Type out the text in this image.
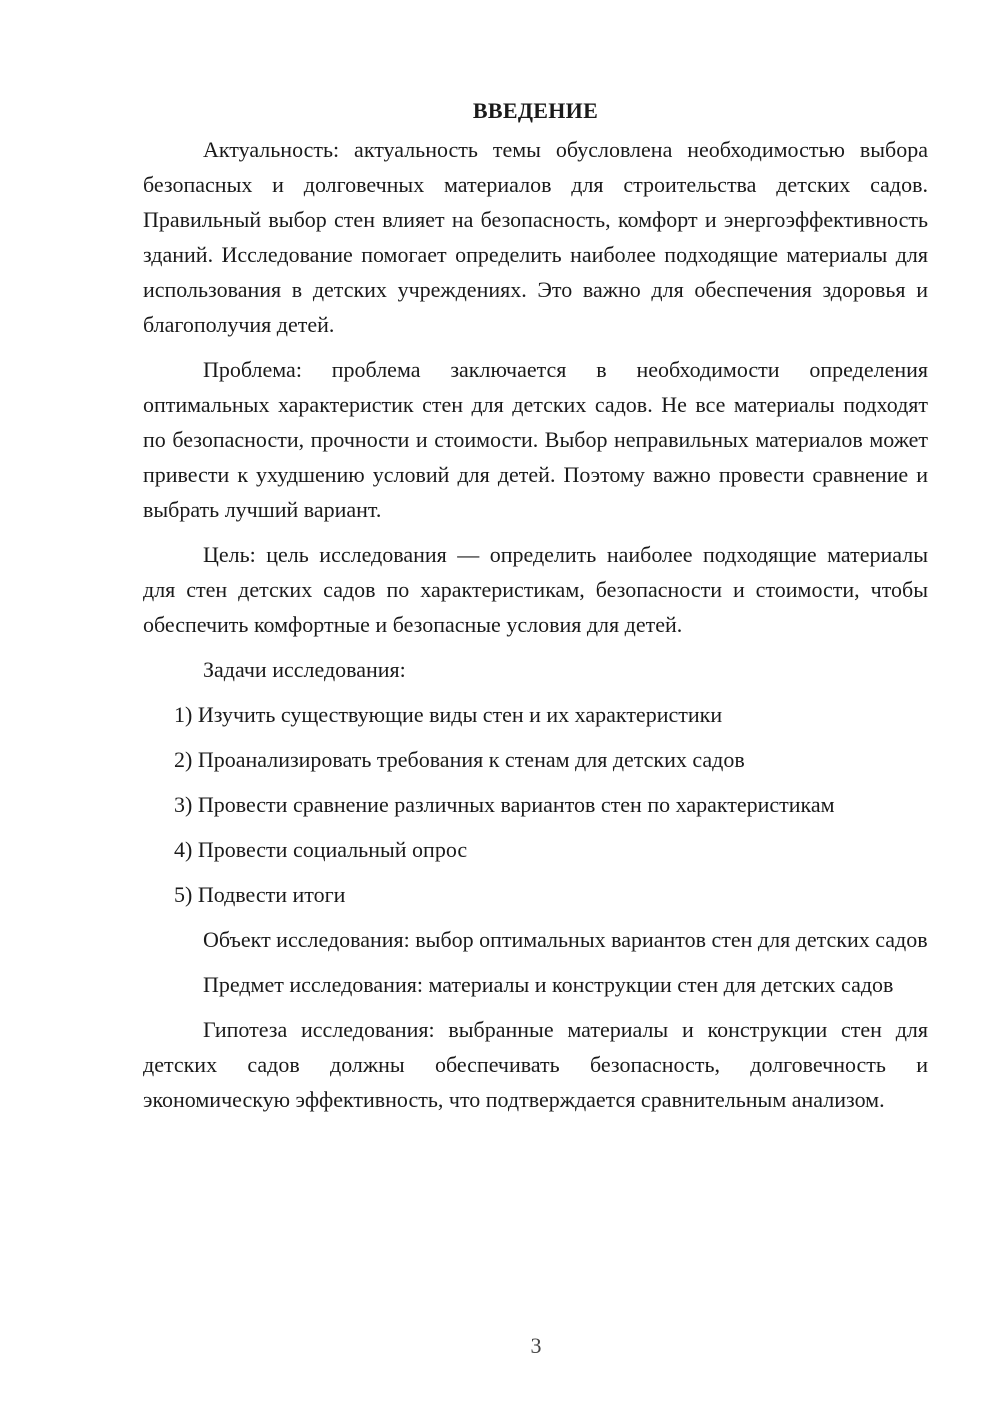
ВВЕДЕНИЕ

Актуальность: актуальность темы обусловлена необходимостью выбора безопасных и долговечных материалов для строительства детских садов. Правильный выбор стен влияет на безопасность, комфорт и энергоэффективность зданий. Исследование помогает определить наиболее подходящие материалы для использования в детских учреждениях. Это важно для обеспечения здоровья и благополучия детей.

Проблема: проблема заключается в необходимости определения оптимальных характеристик стен для детских садов. Не все материалы подходят по безопасности, прочности и стоимости. Выбор неправильных материалов может привести к ухудшению условий для детей. Поэтому важно провести сравнение и выбрать лучший вариант.

Цель: цель исследования — определить наиболее подходящие материалы для стен детских садов по характеристикам, безопасности и стоимости, чтобы обеспечить комфортные и безопасные условия для детей.

Задачи исследования:

1) Изучить существующие виды стен и их характеристики
2) Проанализировать требования к стенам для детских садов
3) Провести сравнение различных вариантов стен по характеристикам
4) Провести социальный опрос
5) Подвести итоги

Объект исследования: выбор оптимальных вариантов стен для детских садов

Предмет исследования: материалы и конструкции стен для детских садов

Гипотеза исследования: выбранные материалы и конструкции стен для детских садов должны обеспечивать безопасность, долговечность и экономическую эффективность, что подтверждается сравнительным анализом.

3
